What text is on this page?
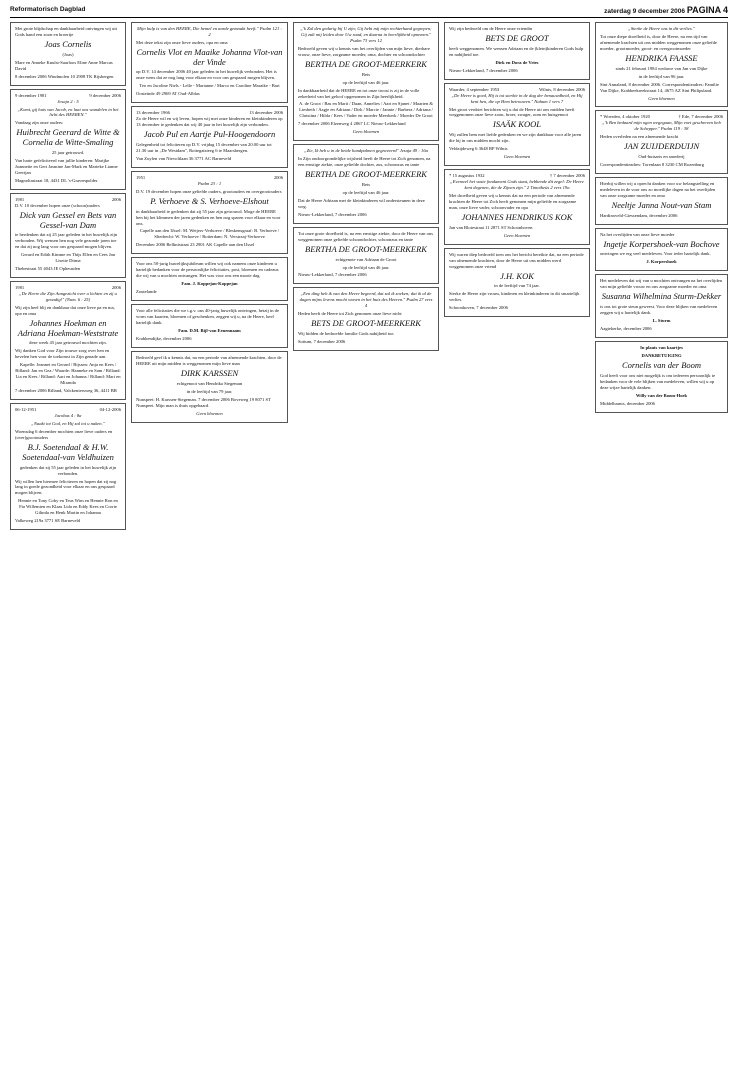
Reformatorisch Dagblad	zaterdag 9 december 2006 PAGINA 4

Met grote blijdschap en dankbaarheid ontvingen wij uit Gods hand een zoon en broertje

Joas Cornelis

(Joas)

Mare en Anneke Knulst-Saarloos Eline Anne Marcus David

8 december 2006 Windmolen 10 2908 TK Rijsbergen

9 december 1981	9 december 2006

Jesaja 2 : 5

„Komt, gij huis van Jacob, en laat ons wandelen in het licht des HEEREN."

Vandaag zijn onze ouders:

Huibrecht Geerard de Witte & Cornelia de Witte-Smaling

25 jaar getrouwd.

Van harte gefeliciteerd van jullie kinderen: Marijke Joannette en Gert Jasmine Jan-Mark en Marieke Lianne Geertjan

Magnoliastraat 18, 4431 DL 's-Gravenpolder

1981	2006

D.V. 10 december hopen onze (schoon)ouders

Dick van Gessel en Bets van Gessel-van Dam

te herdenken dat zij 25 jaar geleden in het huwelijk zijn verbonden. Wij wensen hen nog vele gezonde jaren toe en dat zij nog lang voor ons gespaard mogen blijven.

Gerard en Edith Kimme en Thijs Ellen en Cees Jan Lisette Ditma

Thebestraat 55 4043 JE Opheusden

1981	2006

„De Heere die Zijn Aangezicht over u lichten en zij u genadig!" (Num. 6 : 25)

Wij zijn heel blij en dankbaar dat onze lieve pa en ma, opa en oma

Johannes Hoekman en Adriana Hoekman-Weststrate

deze week 45 jaar getrouwd mochten zijn.

Wij danken God voor Zijn trouwe zorg over hen en bevelen hen voor de toekomst in Zijn genade aan.

Kapelle: Jeannet en Gerard / Bijssen: Anja en Kees / Rilland: Jan en Gea / Waarde: Hanneke en Sam / Rilland: Lia en Kees / Rilland: Aart en Johanna / Rilland: Mari en Miranda

7 december 2006 Rilland, Valckeniersweg 36, 4411 BR

06-12-1951	04-12-2006

Jacobus 4 : 8a

„Naakt tot God, en Hij zal tot u naken."

Woensdag 6 december mochten onze lieve ouders en (over)grootouders

B.J. Soetendaal & H.W. Soetendaal-van Veldhuizen

gedenken dat zij 55 jaar geleden in het huwelijk zijn verbonden.

Wij willen hen hiermee feliciteren en hopen dat zij nog lang in goede gezondheid voor elkaar en ons gespaard mogen blijven.

Hennie en Tony Coby en Teus Wim en Hennie Ron en Fia Willemien en Klaas Lida en Eddy Kees en Corrie Gilinda en Henk Martin en Johanna

Valkeweg 219a 3771 SE Barneveld

Mijn hulp is van den HEERE, Die hemel en aarde gemaakt heeft." Psalm 121 : 2

Met deze tekst zijn onze lieve ouders, opa en oma

Cornelis Vlot en Maaike Johanna Vlot-van der Vinde

op D.V. 14 december 2006 40 jaar geleden in het huwelijk verbonden. Het is onze wens dat ze nog lang voor elkaar en voor ons gespaard mogen blijven.

Teo en Jacoline Niels - Lelle - Marianne / Marco en Caroline Maraike - Bart

Oosteinde 49 2969 AT Oud-Alblas

13 december 1966	13 december 2006

Zo de Heere wil en wij leven, hopen wij met onze kinderen en kleinkinderen op 13 december te gedenken dat wij 40 jaar in het huwelijk zijn verbonden.

Jacob Pul en Aartje Pul-Hoogendoorn

Gelegenheid tot feliciteren op D.V. vrijdag 15 december van 20.00 uur tot 21.30 uur in „De Westdam", Rottegatsteeg 6 te Maarsbergen.

Van Zuylen van Nievoltlaan 36 3771 AC Barneveld

1951	2006

Psalm 23 : 1

D.V. 19 december hopen onze geliefde ouders, grootouders en overgrootouders

P. Verhoeve & S. Verhoeve-Elshout

in dankbaarheid te gedenken dat zij 55 jaar zijn getrouwd. Moge de HEERE hen bij het klimmen der jaren gedenken en hen nog sparen voor elkaar en voor ons.

Capelle aan den IJssel: M. Weijers-Verhoeve / Bleskensgraaf: B. Verhoeve / Sliedrecht: W. Verhoeve / Rotterdam: N. Verstraaj-Verhoeve

December 2006 Bellinistraat 23 2901 AK Capelle aan den IJssel

Voor ons 50-jarig huwelijksjubileum willen wij ook namens onze kinderen u hartelijk bedanken voor de persoonlijke felicitaties, post, bloemen en cadeaus die wij van u mochten ontvangen. Het was voor ons een mooie dag.

Fam. J. Koppejan-Koppejan

Zoutelande

Voor alle felicitaties die we t.g.v. ons 40-jarig huwelijk ontvingen, hetzij in de vorm van kaarten, bloemen of geschenken, zeggen wij u, na de Heere, heel hartelijk dank.

Fam. D.M. Bijl-van Eenennaam

Krabbendijke, december 2006

Bedroefd geef ik u kennis dat, na een periode van afnemende krachten, door de HEERE uit mijn midden is weggenomen mijn lieve man

DIRK KARSSEN

echtgenoot van Hendrika Stegeman

in de leeftijd van 79 jaar.

Nunspeet: H. Karssen-Stegeman. 7 december 2006 Boveweg 19 8071 ST Nunspeet. Mijn man is thuis opgebaard.

Geen bloemen

„'k Zal den gedurig bij U zijn; Gij hebt mij mijn rechterhand gegrepen; Gij zult mij leiden door Uw raad, en daarna in heerlijkheid opnemen." Psalm 73 vers 12

Bedroefd geven wij u kennis van het overlijden van mijn lieve, dierbare vrouw, onze lieve, zorgzame moeder, oma, dochter en schoondochter

BERTHA DE GROOT-MEERKERK

Bets

op de leeftijd van 46 jaar.

In dankbaarheid dat de HEERE en tot onze troost is zij in de volle zekerheid van het geloof opgenomen in Zijn heerlijkheid.

A. de Groot / Bas en Marit / Daan, Annelies / Aart en Sjanet / Maarten & Liesbeth / Aagje en Adriaan / Dirk / Marcie / Jannie / Barbera / Adriana / Christina / Hilda / Kees / Vader en moeder Meerkerk / Moeder De Groot

7 december 2006 Elzenweg 4 2867 LC Nieuw-Lekkerland

Geen bloemen

„Zie, Ik heb u in de beide handpalmen gegraveerd" Jesaja 49 : 16a

In Zijn ondoorgrondelijke wijsheid heeft de Heere tot Zich genomen, na een ernstige ziekte, onze geliefde dochter, zus, schoonzus en tante

BERTHA DE GROOT-MEERKERK

Bets

op de leeftijd van 46 jaar.

Dat de Heere Adriaan met de kleinkinderen wil ondersteunen in deze weg.

Nieuw-Lekkerland, 7 december 2006

Tot onze grote droefheid is, na een ernstige ziekte, door de Heere van ons weggenomen onze geliefde schoondochter, schoonzus en tante

BERTHA DE GROOT-MEERKERK

echtgenote van Adriaan de Groot

op de leeftijd van 46 jaar.

Nieuw-Lekkerland, 7 december 2006

„Een ding heb ik van den Heere begeerd, dat zal ik zoeken; dat ik al de dagen mijns levens mocht wonen in het huis des Heeren." Psalm 27 vers 4

Heden heeft de Heere tot Zich genomen onze lieve nicht

BETS DE GROOT-MEERKERK

Wij bidden de bedroefde familie Gods nabijheid toe.

Sottum, 7 december 2006

Wij zijn bedroefd om de Heere onze vriendin

BETS DE GROOT

heeft weggenomen. We wensen Adriaan en de (klein)kinderen Gods hulp en nabijheid toe.

Dirk en Dora de Vries

Nieuw-Lekkerland, 7 december 2006

Waarder, 4 september 1953	Wilnis, 8 december 2006

„De Heere is goed, Hij is tot sterkte in de dag der benauwdheid, en Hij kent hen, die op Hem betrouwen." Nahum 1 vers 7

Met groot verdriet berichten wij u dat de Heere uit ons midden heeft weggenomen onze lieve zoon, broer, zwager, oom en huisgenoot

ISAÄK KOOL

Wij zullen hem met liefde gedenken en we zijn dankbaar voor alle jaren die hij in ons midden mocht zijn.

Veldzijdeweg 6 3648 BP Wilnis

Geen bloemen

* 15 augustus 1932	† 7 december 2006

„Evenwel het vaste fondament Gods staat, hebbende dit zegel: De Heere kent degenen, die de Zijnen zijn." 2 Timotheüs 2 vers 19a

Met droefheid geven wij u kennis dat na een periode van afnemende krachten de Heere tot Zich heeft genomen mijn geliefde en zorgzame man, onze lieve vader, schoonvader en opa

JOHANNES HENDRIKUS KOK

Jan van Blotestraat 11 2871 ST Schoonhoven

Geen bloemen

Wij waren diep bedroefd toen ons het bericht bereikte dat, na een periode van afnemende krachten, door de Heere uit ons midden werd weggenomen onze vriend

J.H. KOK

in de leeftijd van 74 jaar.

Sterke de Heere zijn vrouw, kinderen en kleinkinderen in dit smartelijk verlies.

Schoonhoven, 7 december 2006

„Sterke de Heere ons in dit verlies."

Tot onze diepe droefheid is, door de Heere, na een tijd van afnemende krachten uit ons midden weggenomen onze geliefde moeder, grootmoeder, groot- en overgrootmoeder

HENDRIKA FAASSE

sinds 21 februari 1984 weduwe van Jan van Dijke

in de leeftijd van 96 jaar.

Sint Annaland, 8 december 2006. Correspondentieadres: Familie Van Dijke, Krabbeekreekstraat 14, 4675 AZ Sint Philipsland.

Geen bloemen

* Woerden, 4 oktober 1920	† Ede, 7 december 2006

„'k Ben bedaard mijn ogen wegegaan, Mijn voet geschreven heb de Schepper." Psalm 119 : 38

Heden overleden na een afnemende kracht

JAN ZUIJDERDUIJN

Oud-huisarts en smederij

Correspondentieadres: Torenlaan 8 3230 CM Rozenburg

Hierbij willen wij u oprecht danken voor uw belangstelling en medeleven in de voor ons zo moeilijke dagen na het overlijden van onze zorgzame moeder en oma

Neeltje Janna Nout-van Stam

Hardinxveld-Giessendam, december 2006

Na het overlijden van onze lieve moeder

Ingetje Korpershoek-van Bochove

ontvingen we erg veel medeleven. Voor ieder hartelijk dank.

J. Korpershoek

Het medeleven dat wij van u mochten ontvangen na het overlijden van mijn geliefde vrouw en ons zorgzame moeder en oma

Susanna Wilhelmina Sturm-Dekker

is ons tot grote steun geweest. Voor deze blijken van medeleven zeggen wij u hartelijk dank.

L. Sturm

Aagtekerke, december 2006

In plaats van kaartjes

DANKBETUIGING

Cornelis van der Boom

God heeft voor ons niet mogelijk is om iedereen persoonlijk te bedanken voor de vele blijken van medeleven, willen wij u op deze wijze hartelijk danken.

Willy van der Boom-Hoek

Middelharnis, december 2006
